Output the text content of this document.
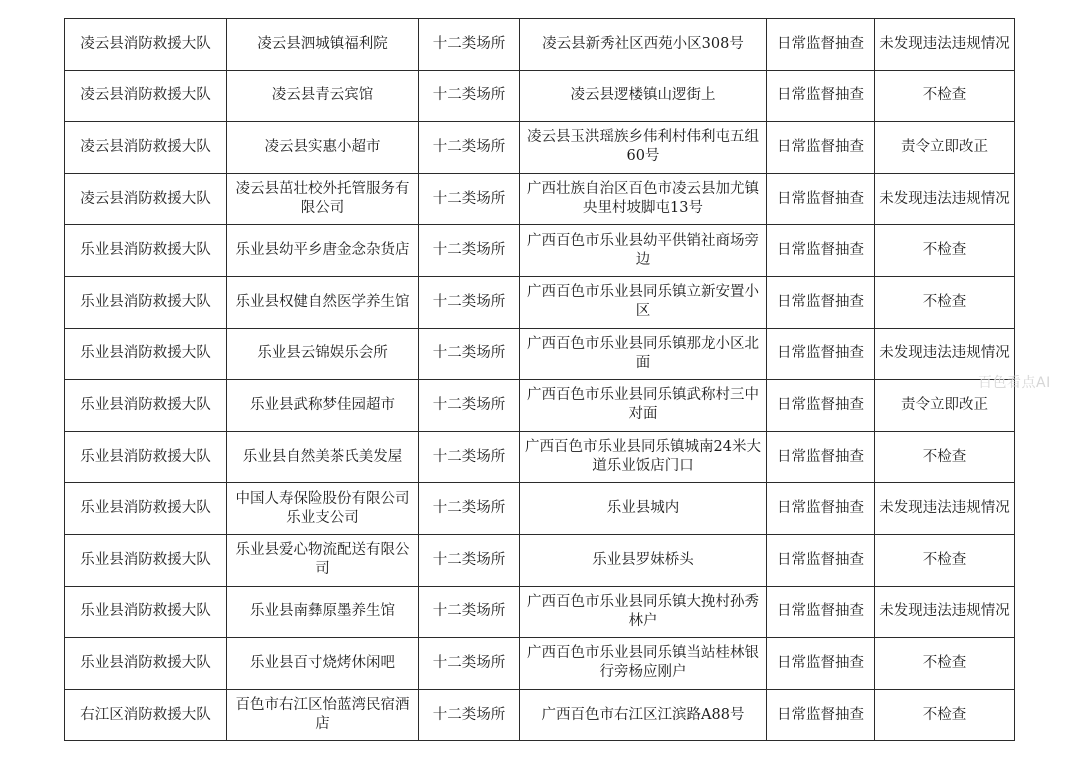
凌云县消防救援大队	凌云县泗城镇福利院	十二类场所	凌云县新秀社区西苑小区308号	日常监督抽查	未发现违法违规情况
凌云县消防救援大队	凌云县青云宾馆	十二类场所	凌云县逻楼镇山逻街上	日常监督抽查	不检查
凌云县消防救援大队	凌云县实惠小超市	十二类场所	凌云县玉洪瑶族乡伟利村伟利屯五组60号	日常监督抽查	责令立即改正
凌云县消防救援大队	凌云县茁壮校外托管服务有限公司	十二类场所	广西壮族自治区百色市凌云县加尤镇央里村坡脚屯13号	日常监督抽查	未发现违法违规情况
乐业县消防救援大队	乐业县幼平乡唐金念杂货店	十二类场所	广西百色市乐业县幼平供销社商场旁边	日常监督抽查	不检查
乐业县消防救援大队	乐业县权健自然医学养生馆	十二类场所	广西百色市乐业县同乐镇立新安置小区	日常监督抽查	不检查
乐业县消防救援大队	乐业县云锦娱乐会所	十二类场所	广西百色市乐业县同乐镇那龙小区北面	日常监督抽查	未发现违法违规情况
乐业县消防救援大队	乐业县武称梦佳园超市	十二类场所	广西百色市乐业县同乐镇武称村三中对面	日常监督抽查	责令立即改正
乐业县消防救援大队	乐业县自然美茶氏美发屋	十二类场所	广西百色市乐业县同乐镇城南24米大道乐业饭店门口	日常监督抽查	不检查
乐业县消防救援大队	中国人寿保险股份有限公司乐业支公司	十二类场所	乐业县城内	日常监督抽查	未发现违法违规情况
乐业县消防救援大队	乐业县爱心物流配送有限公司	十二类场所	乐业县罗妹桥头	日常监督抽查	不检查
乐业县消防救援大队	乐业县南彝原墨养生馆	十二类场所	广西百色市乐业县同乐镇大挽村孙秀林户	日常监督抽查	未发现违法违规情况
乐业县消防救援大队	乐业县百寸烧烤休闲吧	十二类场所	广西百色市乐业县同乐镇当站桂林银行旁杨应刚户	日常监督抽查	不检查
右江区消防救援大队	百色市右江区怡蓝湾民宿酒店	十二类场所	广西百色市右江区江滨路A88号	日常监督抽查	不检查
百色看点AI
